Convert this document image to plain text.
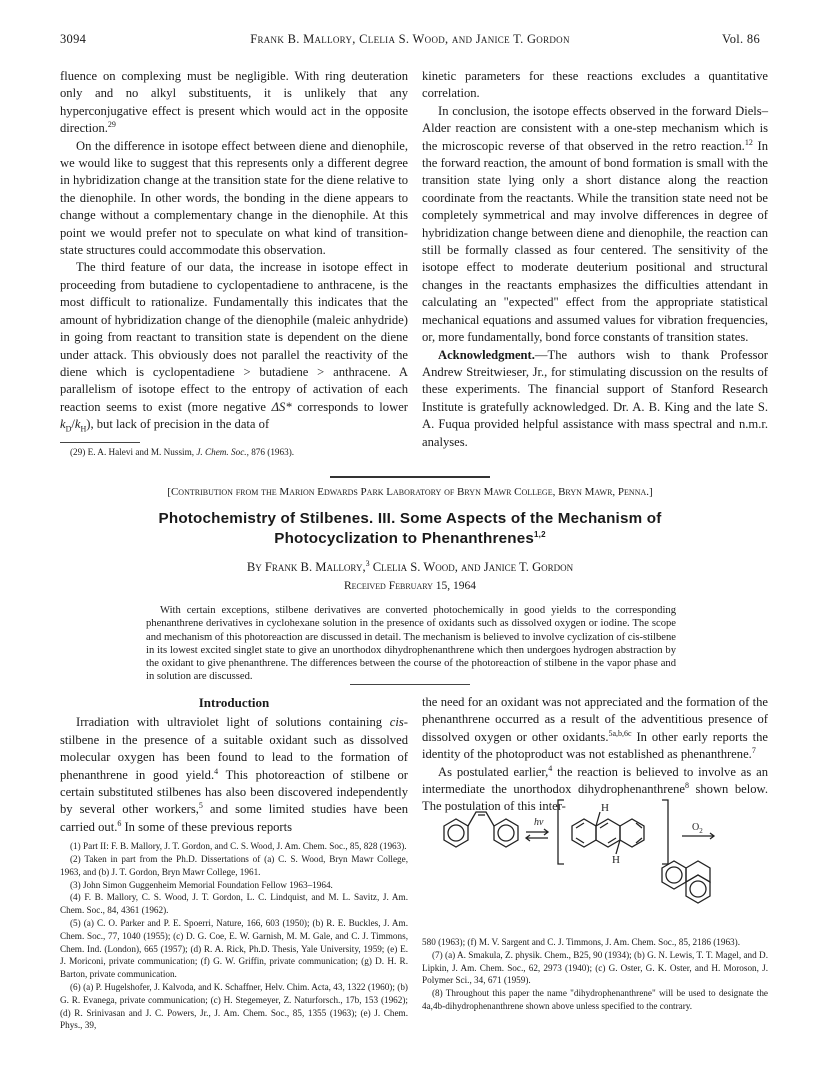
3094	Frank B. Mallory, Clelia S. Wood, and Janice T. Gordon	Vol. 86

fluence on complexing must be negligible. With ring deuteration only and no alkyl substituents, it is unlikely that any hyperconjugative effect is present which would act in the opposite direction.$^{29}$

On the difference in isotope effect between diene and dienophile, we would like to suggest that this represents only a different degree in hybridization change at the transition state for the diene relative to the dienophile. In other words, the bonding in the diene appears to change without a complementary change in the dienophile. At this point we would prefer not to speculate on what kind of transition-state structures could accommodate this observation.

The third feature of our data, the increase in isotope effect in proceeding from butadiene to cyclopentadiene to anthracene, is the most difficult to rationalize. Fundamentally this indicates that the amount of hybridization change of the dienophile (maleic anhydride) in going from reactant to transition state is dependent on the diene under attack. This obviously does not parallel the reactivity of the diene which is cyclopentadiene > butadiene > anthracene. A parallelism of isotope effect to the entropy of activation of each reaction seems to exist (more negative ΔS* corresponds to lower $k_D/k_H$), but lack of precision in the data of

(29) E. A. Halevi and M. Nussim, J. Chem. Soc., 876 (1963).

kinetic parameters for these reactions excludes a quantitative correlation.

In conclusion, the isotope effects observed in the forward Diels–Alder reaction are consistent with a one-step mechanism which is the microscopic reverse of that observed in the retro reaction.$^{12}$ In the forward reaction, the amount of bond formation is small with the transition state lying only a short distance along the reaction coordinate from the reactants. While the transition state need not be completely symmetrical and may involve differences in degree of hybridization change between diene and dienophile, the reaction can still be formally classed as four centered. The sensitivity of the isotope effect to moderate deuterium positional and structural changes in the reactants emphasizes the difficulties attendant in calculating an "expected" effect from the appropriate statistical mechanical equations and assumed values for vibration frequencies, or, more fundamentally, bond force constants of transition states.

Acknowledgment.—The authors wish to thank Professor Andrew Streitwieser, Jr., for stimulating discussion on the results of these experiments. The financial support of Stanford Research Institute is gratefully acknowledged. Dr. A. B. King and the late S. A. Fuqua provided helpful assistance with mass spectral and n.m.r. analyses.

[Contribution from the Marion Edwards Park Laboratory of Bryn Mawr College, Bryn Mawr, Penna.]
Photochemistry of Stilbenes. III. Some Aspects of the Mechanism of
Photocyclization to Phenanthrenes$^{1,2}$
By Frank B. Mallory,$^3$ Clelia S. Wood, and Janice T. Gordon
Received February 15, 1964

With certain exceptions, stilbene derivatives are converted photochemically in good yields to the corresponding phenanthrene derivatives in cyclohexane solution in the presence of oxidants such as dissolved oxygen or iodine. The scope and mechanism of this photoreaction are discussed in detail. The mechanism is believed to involve cyclization of cis-stilbene in its lowest excited singlet state to give an unorthodox dihydrophenanthrene which then undergoes hydrogen abstraction by the oxidant to give phenanthrene. The differences between the course of the photoreaction of stilbene in the vapor phase and in solution are discussed.

Introduction

Irradiation with ultraviolet light of solutions containing cis-stilbene in the presence of a suitable oxidant such as dissolved molecular oxygen has been found to lead to the formation of phenanthrene in good yield.$^4$ This photoreaction of stilbene or certain substituted stilbenes has also been discovered independently by several other workers,$^5$ and some limited studies have been carried out.$^6$ In some of these previous reports

(1) Part II: F. B. Mallory, J. T. Gordon, and C. S. Wood, J. Am. Chem. Soc., 85, 828 (1963).

(2) Taken in part from the Ph.D. Dissertations of (a) C. S. Wood, Bryn Mawr College, 1963, and (b) J. T. Gordon, Bryn Mawr College, 1961.

(3) John Simon Guggenheim Memorial Foundation Fellow 1963–1964.

(4) F. B. Mallory, C. S. Wood, J. T. Gordon, L. C. Lindquist, and M. L. Savitz, J. Am. Chem. Soc., 84, 4361 (1962).

(5) (a) C. O. Parker and P. E. Spoerri, Nature, 166, 603 (1950); (b) R. E. Buckles, J. Am. Chem. Soc., 77, 1040 (1955); (c) D. G. Coe, E. W. Garnish, M. M. Gale, and C. J. Timmons, Chem. Ind. (London), 665 (1957); (d) R. A. Rick, Ph.D. Thesis, Yale University, 1959; (e) E. J. Moriconi, private communication; (f) G. W. Griffin, private communication; (g) D. H. R. Barton, private communication.

(6) (a) P. Hugelshofer, J. Kalvoda, and K. Schaffner, Helv. Chim. Acta, 43, 1322 (1960); (b) G. R. Evanega, private communication; (c) H. Stegemeyer, Z. Naturforsch., 17b, 153 (1962); (d) R. Srinivasan and J. C. Powers, Jr., J. Am. Chem. Soc., 85, 1355 (1963); (e) J. Chem. Phys., 39,

the need for an oxidant was not appreciated and the formation of the phenanthrene occurred as a result of the adventitious presence of dissolved oxygen or other oxidants.$^{5a,b,6c}$ In other early reports the identity of the photoproduct was not established as phenanthrene.$^7$

As postulated earlier,$^4$ the reaction is believed to involve as an intermediate the unorthodox dihydrophenanthrene$^8$ shown below. The postulation of this inter-

hν
H
H
$O_2$

580 (1963); (f) M. V. Sargent and C. J. Timmons, J. Am. Chem. Soc., 85, 2186 (1963).

(7) (a) A. Smakula, Z. physik. Chem., B25, 90 (1934); (b) G. N. Lewis, T. T. Magel, and D. Lipkin, J. Am. Chem. Soc., 62, 2973 (1940); (c) G. Oster, G. K. Oster, and H. Moroson, J. Polymer Sci., 34, 671 (1959).

(8) Throughout this paper the name "dihydrophenanthrene" will be used to designate the 4a,4b-dihydrophenanthrene shown above unless specified to the contrary.
